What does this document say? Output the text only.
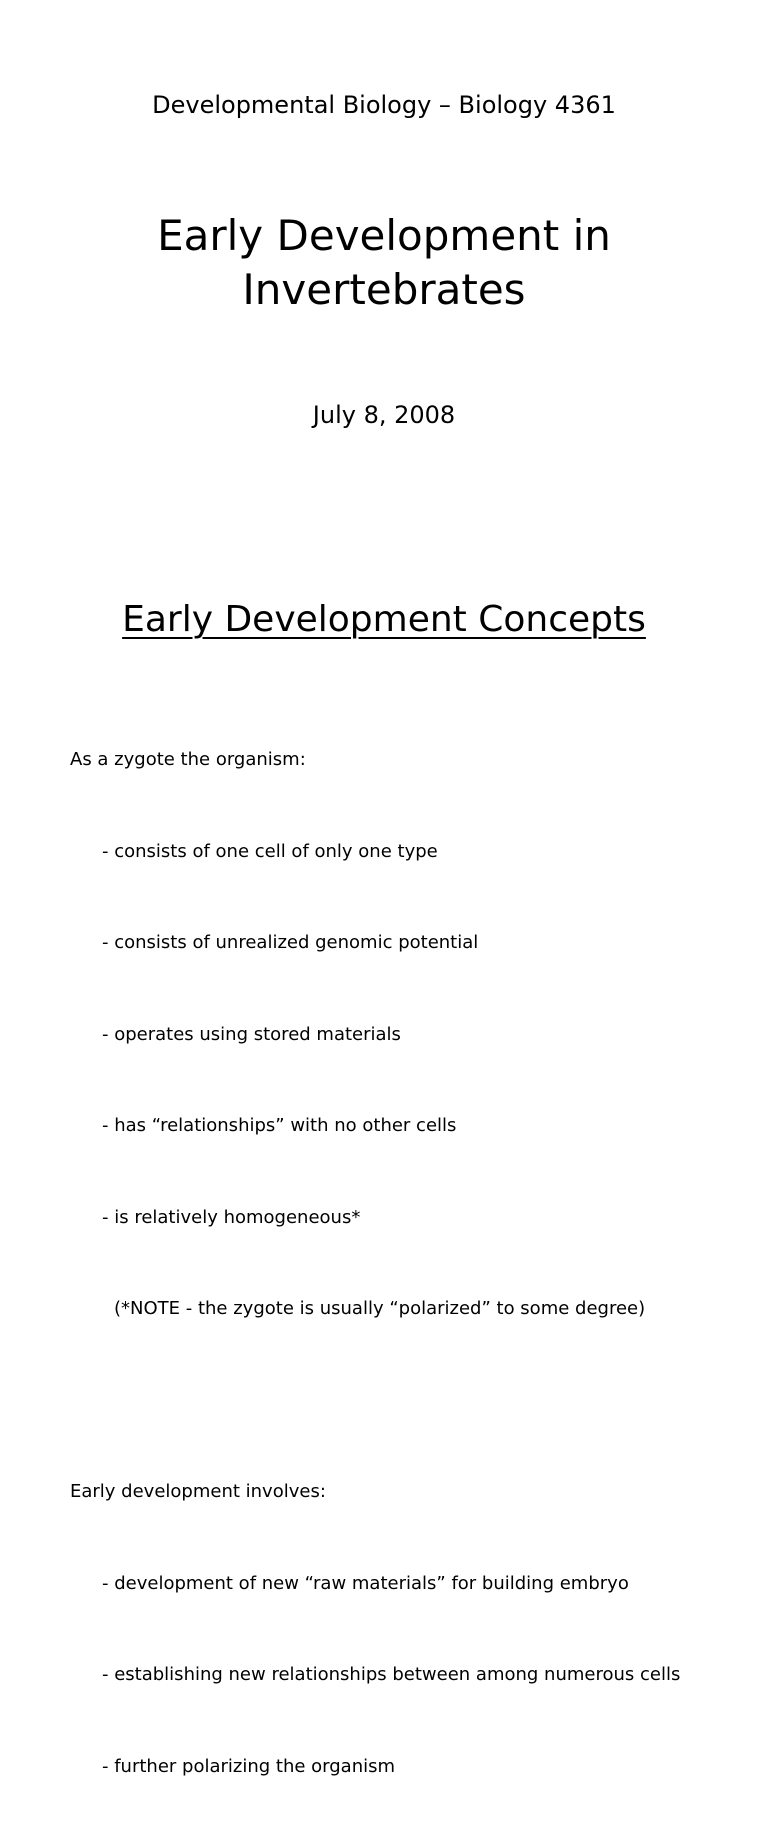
Developmental Biology – Biology 4361
Early Development in
Invertebrates
July 8, 2008
Early Development Concepts

As a zygote the organism:

- consists of one cell of only one type

- consists of unrealized genomic potential

- operates using stored materials

- has “relationships” with no other cells

- is relatively homogeneous*

(*NOTE - the zygote is usually “polarized” to some degree)

Early development involves:

- development of new “raw materials” for building embryo

- establishing new relationships between among numerous cells

- further polarizing the organism
